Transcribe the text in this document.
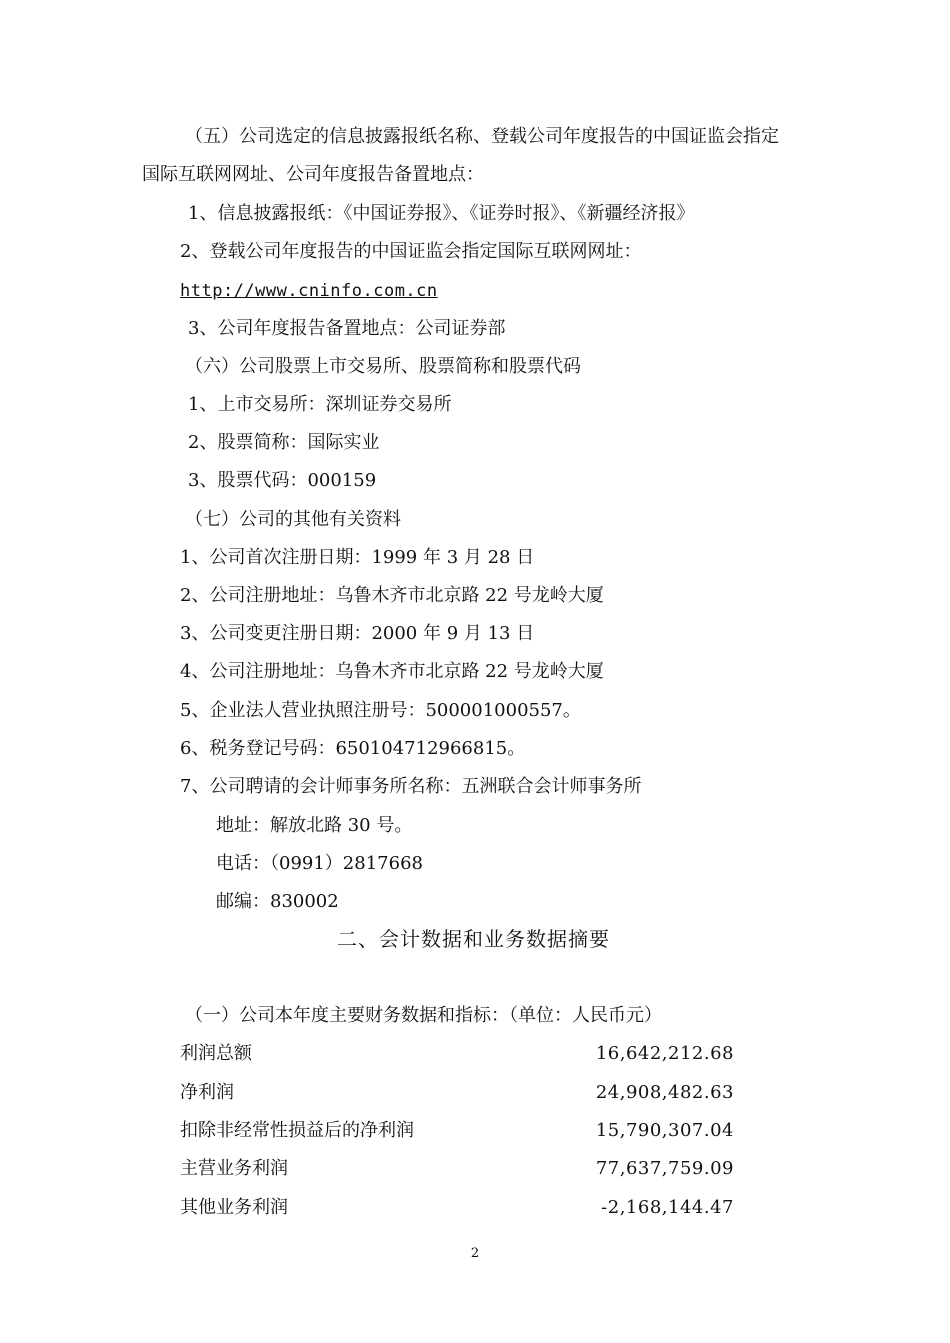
（五）公司选定的信息披露报纸名称、登载公司年度报告的中国证监会指定
国际互联网网址、公司年度报告备置地点：
1、信息披露报纸：《中国证券报》、《证券时报》、《新疆经济报》
2、登载公司年度报告的中国证监会指定国际互联网网址：
http://www.cninfo.com.cn
3、公司年度报告备置地点：公司证券部
（六）公司股票上市交易所、股票简称和股票代码
1、上市交易所：深圳证券交易所
2、股票简称：国际实业
3、股票代码：000159
（七）公司的其他有关资料
1、公司首次注册日期：1999 年 3 月 28 日
2、公司注册地址：乌鲁木齐市北京路 22 号龙岭大厦
3、公司变更注册日期：2000 年 9 月 13 日
4、公司注册地址：乌鲁木齐市北京路 22 号龙岭大厦
5、企业法人营业执照注册号：500001000557。
6、税务登记号码：650104712966815。
7、公司聘请的会计师事务所名称：五洲联合会计师事务所
地址：解放北路 30 号。
电话：（0991）2817668
邮编：830002
二、会计数据和业务数据摘要
（一）公司本年度主要财务数据和指标：（单位：人民币元）
利润总额	16,642,212.68
净利润	24,908,482.63
扣除非经常性损益后的净利润	15,790,307.04
主营业务利润	77,637,759.09
其他业务利润	-2,168,144.47
2
